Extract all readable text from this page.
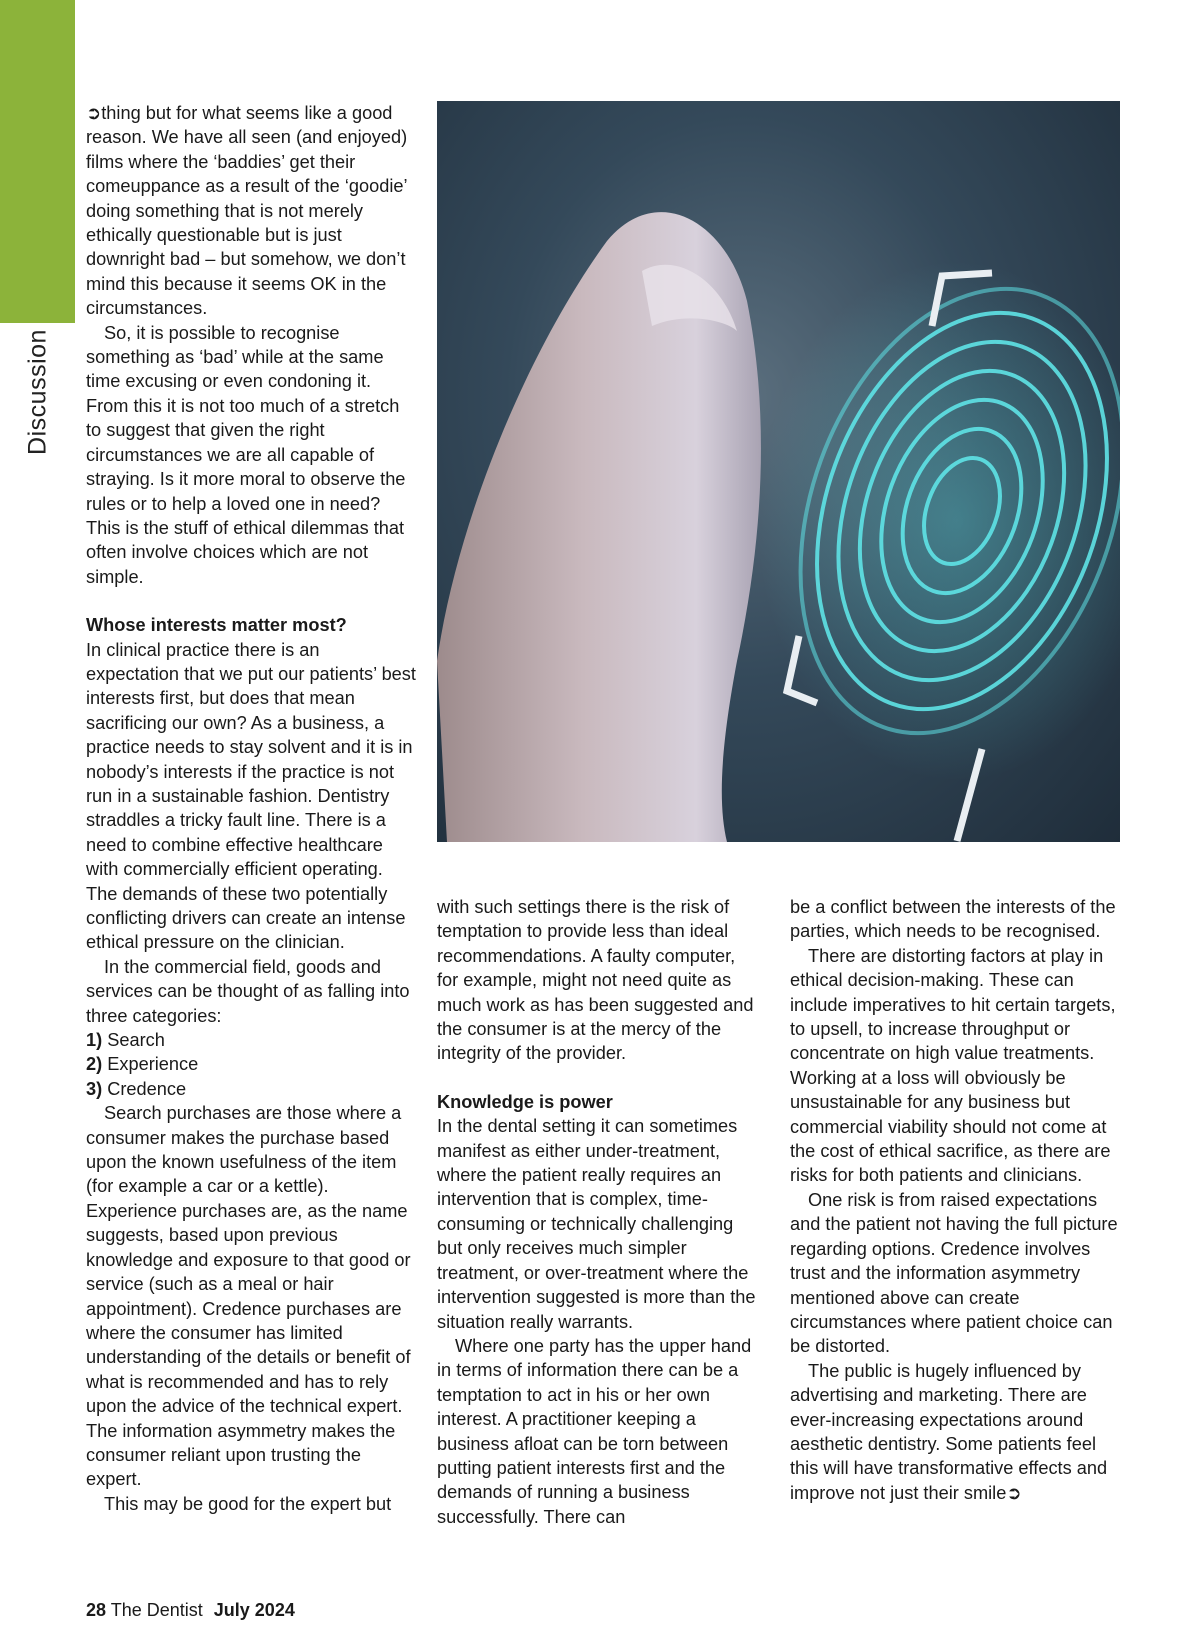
Discussion

➲thing but for what seems like a good reason. We have all seen (and enjoyed) films where the ‘baddies’ get their comeuppance as a result of the ‘goodie’ doing something that is not merely ethically questionable but is just downright bad – but somehow, we don’t mind this because it seems OK in the circumstances.

So, it is possible to recognise something as ‘bad’ while at the same time excusing or even condoning it. From this it is not too much of a stretch to suggest that given the right circumstances we are all capable of straying. Is it more moral to observe the rules or to help a loved one in need? This is the stuff of ethical dilemmas that often involve choices which are not simple.

Whose interests matter most?

In clinical practice there is an expectation that we put our patients’ best interests first, but does that mean sacrificing our own? As a business, a practice needs to stay solvent and it is in nobody’s interests if the practice is not run in a sustainable fashion. Dentistry straddles a tricky fault line. There is a need to combine effective healthcare with commercially efficient operating. The demands of these two potentially conflicting drivers can create an intense ethical pressure on the clinician.

In the commercial field, goods and services can be thought of as falling into three categories:

1) Search

2) Experience

3) Credence

Search purchases are those where a consumer makes the purchase based upon the known usefulness of the item (for example a car or a kettle). Experience purchases are, as the name suggests, based upon previous knowledge and exposure to that good or service (such as a meal or hair appointment). Credence purchases are where the consumer has limited understanding of the details or benefit of what is recommended and has to rely upon the advice of the technical expert. The information asymmetry makes the consumer reliant upon trusting the expert.

This may be good for the expert but

with such settings there is the risk of temptation to provide less than ideal recommendations. A faulty computer, for example, might not need quite as much work as has been suggested and the consumer is at the mercy of the integrity of the provider.

Knowledge is power

In the dental setting it can sometimes manifest as either under-treatment, where the patient really requires an intervention that is complex, time-consuming or technically challenging but only receives much simpler treatment, or over-treatment where the intervention suggested is more than the situation really warrants.

Where one party has the upper hand in terms of information there can be a temptation to act in his or her own interest. A practitioner keeping a business afloat can be torn between putting patient interests first and the demands of running a business successfully. There can

be a conflict between the interests of the parties, which needs to be recognised.

There are distorting factors at play in ethical decision-making. These can include imperatives to hit certain targets, to upsell, to increase throughput or concentrate on high value treatments. Working at a loss will obviously be unsustainable for any business but commercial viability should not come at the cost of ethical sacrifice, as there are risks for both patients and clinicians.

One risk is from raised expectations and the patient not having the full picture regarding options. Credence involves trust and the information asymmetry mentioned above can create circumstances where patient choice can be distorted.

The public is hugely influenced by advertising and marketing. There are ever-increasing expectations around aesthetic dentistry. Some patients feel this will have transformative effects and improve not just their smile➲

28 The Dentist July 2024
